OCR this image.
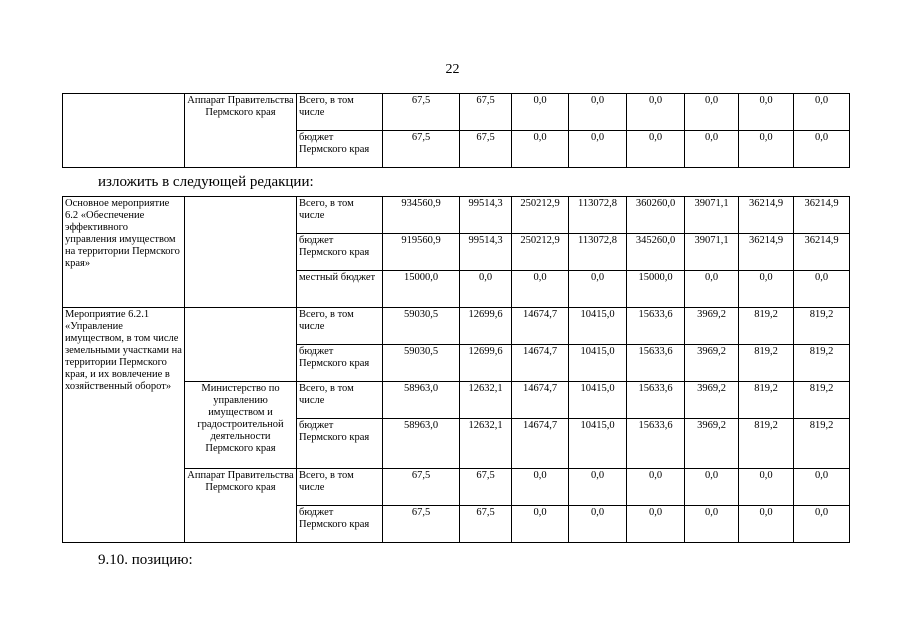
22
	Аппарат Правительства Пермского края	Всего, в том числе	67,5	67,5	0,0	0,0	0,0	0,0	0,0	0,0
		бюджет Пермского края	67,5	67,5	0,0	0,0	0,0	0,0	0,0	0,0
изложить в следующей редакции:
Основное мероприятие 6.2 «Обеспечение эффективного управления имуществом на территории Пермского края»		Всего, в том числе	934560,9	99514,3	250212,9	113072,8	360260,0	39071,1	36214,9	36214,9
		бюджет Пермского края	919560,9	99514,3	250212,9	113072,8	345260,0	39071,1	36214,9	36214,9
		местный бюджет	15000,0	0,0	0,0	0,0	15000,0	0,0	0,0	0,0
Мероприятие 6.2.1 «Управление имуществом, в том числе земельными участками на территории Пермского края, и их вовлечение в хозяйственный оборот»		Всего, в том числе	59030,5	12699,6	14674,7	10415,0	15633,6	3969,2	819,2	819,2
		бюджет Пермского края	59030,5	12699,6	14674,7	10415,0	15633,6	3969,2	819,2	819,2
	Министерство по управлению имуществом и градостроительной деятельности Пермского края	Всего, в том числе	58963,0	12632,1	14674,7	10415,0	15633,6	3969,2	819,2	819,2
		бюджет Пермского края	58963,0	12632,1	14674,7	10415,0	15633,6	3969,2	819,2	819,2
	Аппарат Правительства Пермского края	Всего, в том числе	67,5	67,5	0,0	0,0	0,0	0,0	0,0	0,0
		бюджет Пермского края	67,5	67,5	0,0	0,0	0,0	0,0	0,0	0,0
9.10. позицию:
